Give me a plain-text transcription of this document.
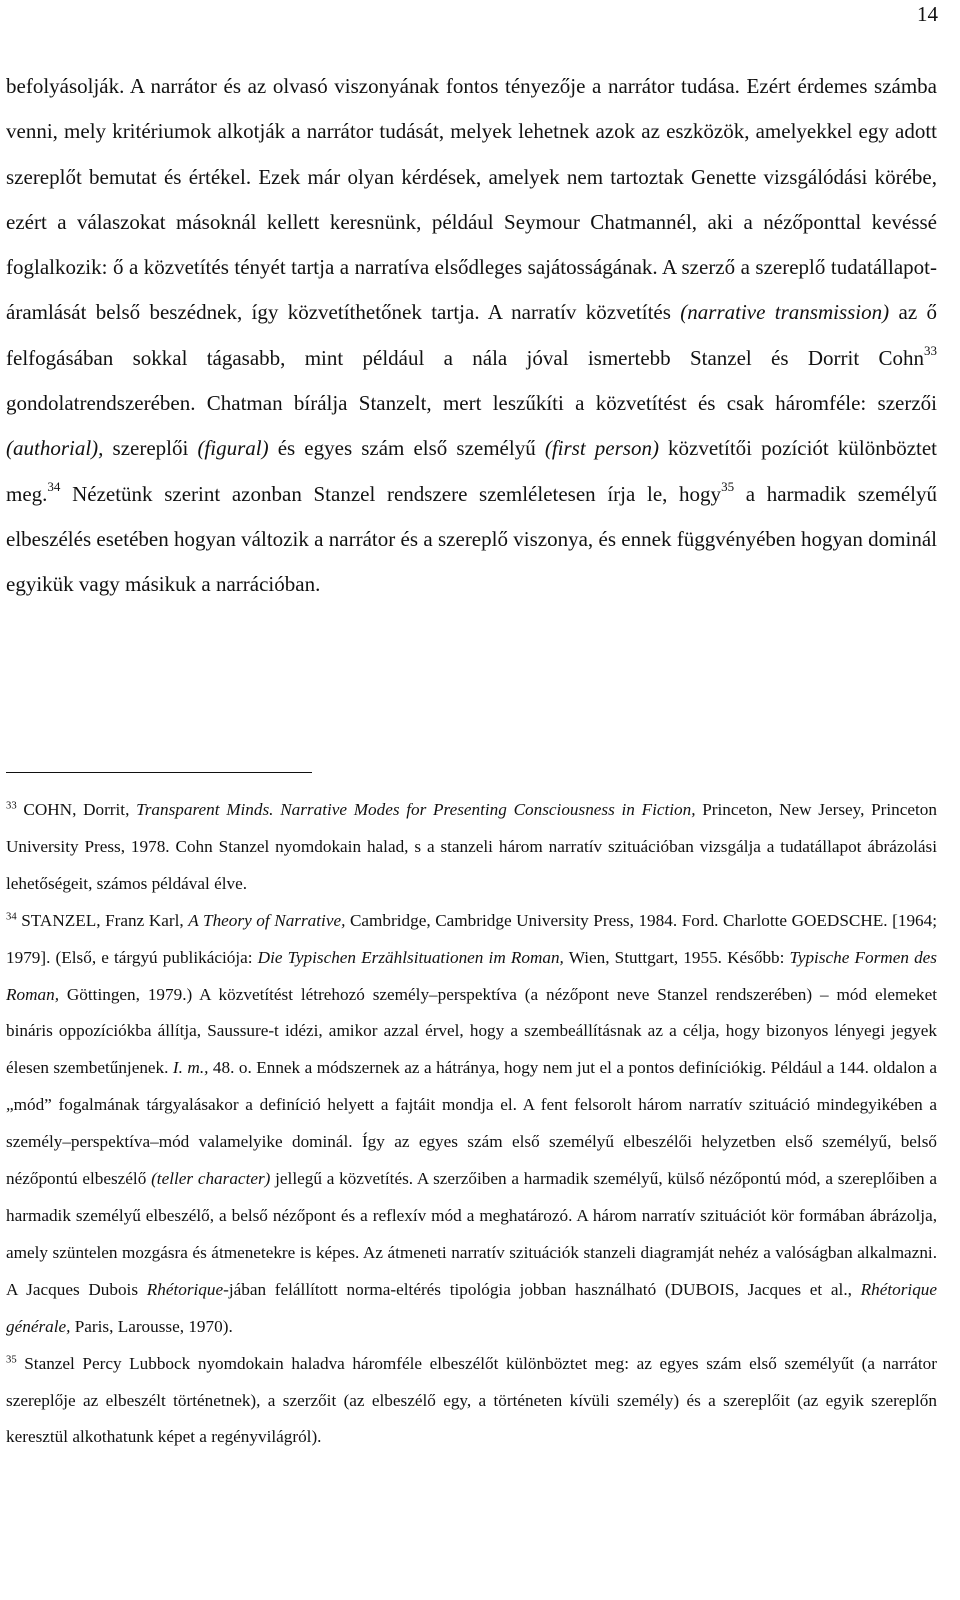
14

befolyásolják. A narrátor és az olvasó viszonyának fontos tényezője a narrátor tudása. Ezért érdemes számba venni, mely kritériumok alkotják a narrátor tudását, melyek lehetnek azok az eszközök, amelyekkel egy adott szereplőt bemutat és értékel. Ezek már olyan kérdések, amelyek nem tartoztak Genette vizsgálódási körébe, ezért a válaszokat másoknál kellett keresnünk, például Seymour Chatmannél, aki a nézőponttal kevéssé foglalkozik: ő a közvetítés tényét tartja a narratíva elsődleges sajátosságának. A szerző a szereplő tudatállapot-áramlását belső beszédnek, így közvetíthetőnek tartja. A narratív közvetítés (narrative transmission) az ő felfogásában sokkal tágasabb, mint például a nála jóval ismertebb Stanzel és Dorrit Cohn$^{33}$ gondolatrendszerében. Chatman bírálja Stanzelt, mert leszűkíti a közvetítést és csak háromféle: szerzői (authorial), szereplői (figural) és egyes szám első személyű (first person) közvetítői pozíciót különböztet meg.$^{34}$ Nézetünk szerint azonban Stanzel rendszere szemléletesen írja le, hogy$^{35}$ a harmadik személyű elbeszélés esetében hogyan változik a narrátor és a szereplő viszonya, és ennek függvényében hogyan dominál egyikük vagy másikuk a narrációban.

$^{33}$ COHN, Dorrit, Transparent Minds. Narrative Modes for Presenting Consciousness in Fiction, Princeton, New Jersey, Princeton University Press, 1978. Cohn Stanzel nyomdokain halad, s a stanzeli három narratív szituációban vizsgálja a tudatállapot ábrázolási lehetőségeit, számos példával élve.

$^{34}$ STANZEL, Franz Karl, A Theory of Narrative, Cambridge, Cambridge University Press, 1984. Ford. Charlotte GOEDSCHE. [1964; 1979]. (Első, e tárgyú publikációja: Die Typischen Erzählsituationen im Roman, Wien, Stuttgart, 1955. Később: Typische Formen des Roman, Göttingen, 1979.) A közvetítést létrehozó személy–perspektíva (a nézőpont neve Stanzel rendszerében) – mód elemeket bináris oppozíciókba állítja, Saussure-t idézi, amikor azzal érvel, hogy a szembeállításnak az a célja, hogy bizonyos lényegi jegyek élesen szembetűnjenek. I. m., 48. o. Ennek a módszernek az a hátránya, hogy nem jut el a pontos definíciókig. Például a 144. oldalon a „mód” fogalmának tárgyalásakor a definíció helyett a fajtáit mondja el. A fent felsorolt három narratív szituáció mindegyikében a személy–perspektíva–mód valamelyike dominál. Így az egyes szám első személyű elbeszélői helyzetben első személyű, belső nézőpontú elbeszélő (teller character) jellegű a közvetítés. A szerzőiben a harmadik személyű, külső nézőpontú mód, a szereplőiben a harmadik személyű elbeszélő, a belső nézőpont és a reflexív mód a meghatározó. A három narratív szituációt kör formában ábrázolja, amely szüntelen mozgásra és átmenetekre is képes. Az átmeneti narratív szituációk stanzeli diagramját nehéz a valóságban alkalmazni. A Jacques Dubois Rhétorique-jában felállított norma-eltérés tipológia jobban használható (DUBOIS, Jacques et al., Rhétorique générale, Paris, Larousse, 1970).

$^{35}$ Stanzel Percy Lubbock nyomdokain haladva háromféle elbeszélőt különböztet meg: az egyes szám első személyűt (a narrátor szereplője az elbeszélt történetnek), a szerzőit (az elbeszélő egy, a történeten kívüli személy) és a szereplőit (az egyik szereplőn keresztül alkothatunk képet a regényvilágról).
